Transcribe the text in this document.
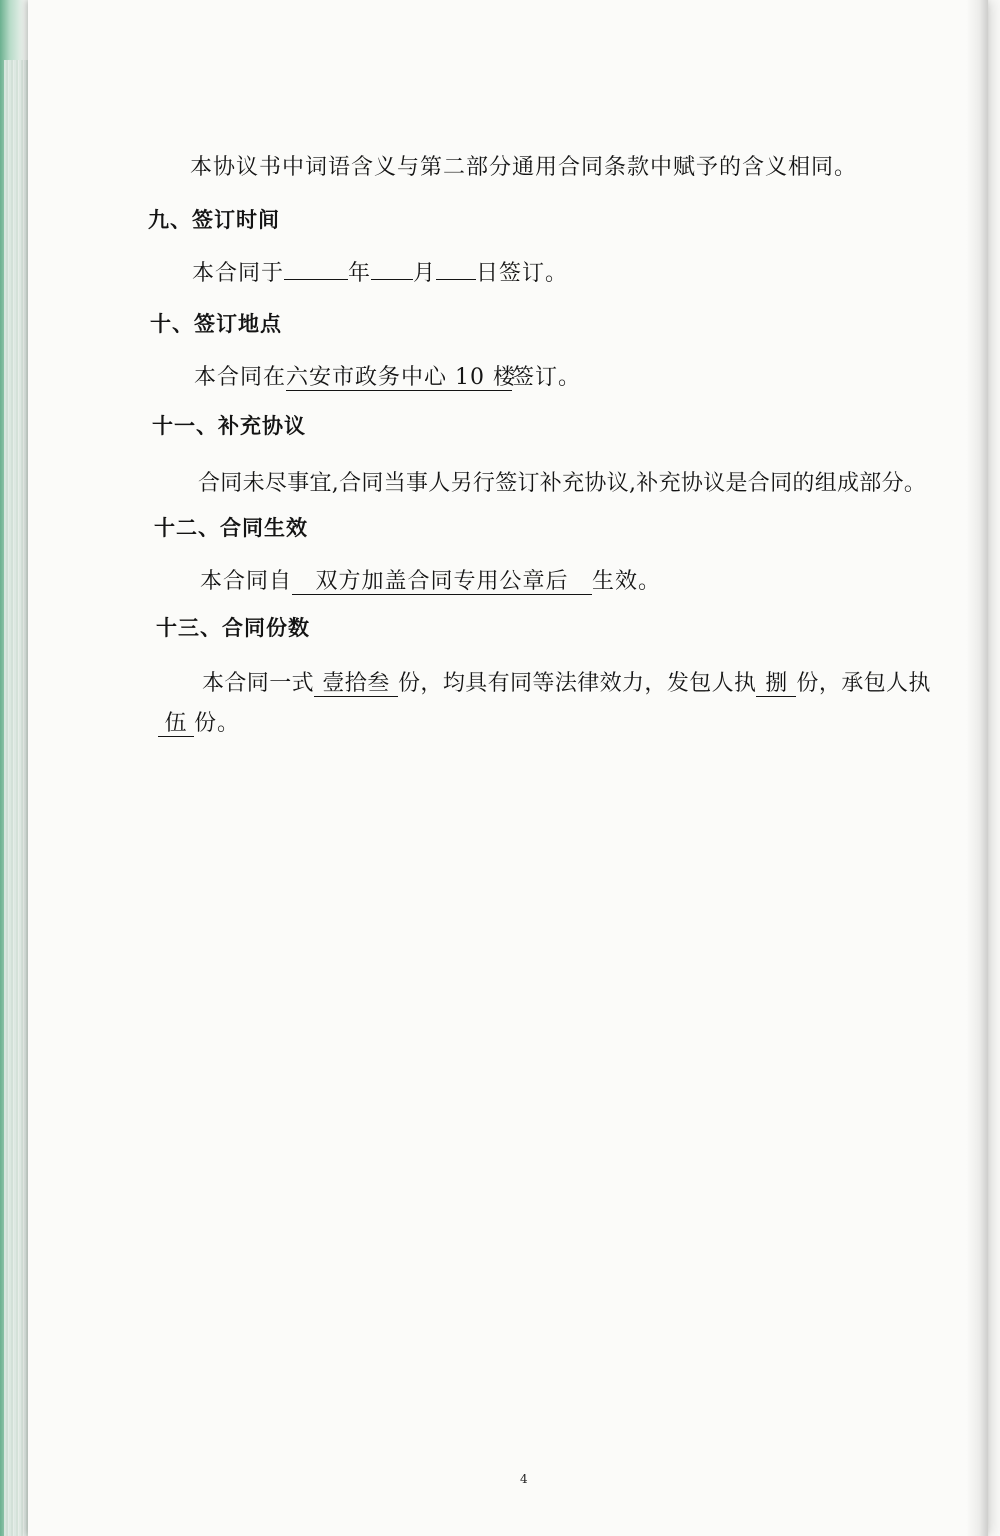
本协议书中词语含义与第二部分通用合同条款中赋予的含义相同。
九、签订时间
本合同于	年 月 日签订。
十、签订地点
本合同在六安市政务中心 10 楼签订。
十一、补充协议
合同未尽事宜,合同当事人另行签订补充协议,补充协议是合同的组成部分。
十二、合同生效
本合同自 双方加盖合同专用公章后 生效。
十三、合同份数
本合同一式 壹拾叁 份，均具有同等法律效力，发包人执 捌 份，承包人执
伍 份。
4
